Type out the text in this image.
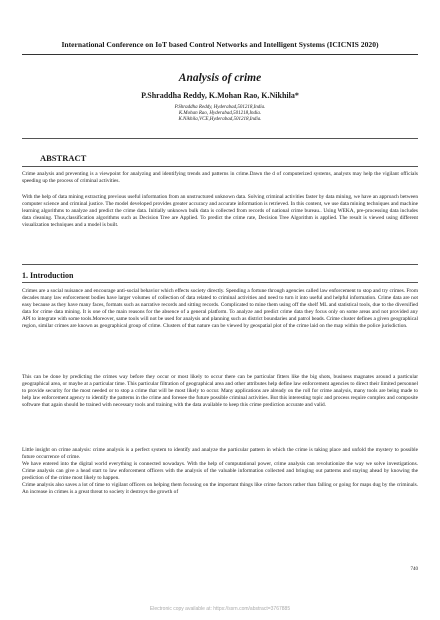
International Conference on IoT based Control Networks and Intelligent Systems (ICICNIS 2020)
Analysis of crime
P.Shraddha Reddy, K.Mohan Rao, K.Nikhila*
P.Shraddha Reddy, Hyderabad,501218,India.
K.Mohan Rao, Hyderabad,501218,India.
K.Nikhila,VCE,Hyderabad,501218,India.
ABSTRACT
Crime analysis and preventing is a viewpoint for analyzing and identifying trends and patterns in crime.Dawn the d of computerized systems, analysts may help the vigilant officials speeding up the process of criminal activities.
With the help of data mining extracting previous useful information from an unstructured unknown data. Solving criminal activities faster by data mining, we have an approach between computer science and criminal justice. The model developed provides greater accuracy and accurate information is retrieved. In this content, we use data mining techniques and machine learning algorithms to analyze and predict the crime data. Initially unknown bulk data is collected from records of national crime bureau.. Using WEKA, pre-processing data includes data cleaning. Thus,classification algorithms such as Decision Tree are Applied. To predict the crime rate, Decision Tree Algorithm is applied. The result is viewed using different visualization techniques and a model is built.
1. Introduction
Crimes are a social nuisance and encourage anti-social behavior which effects society directly. Spending a fortune through agencies called law enforcement to stop and try crimes. From decades many law enforcement bodies have larger volumes of collection of data related to criminal activities and need to turn it into useful and helpful information. Crime data are not easy because as they have many faces, formats such as narrative records and sitting records. Complicated to mine them using off the shelf ML and statistical tools, due to the diversified data for crime data mining. It is one of the main reasons for the absence of a general platform. To analyze and predict crime data they focus only on some areas and not provided any API to integrate with some tools.Moreover, same tools will not be used for analysis and planning such as district boundaries and patrol beads. Crime cluster defines a given geographical region, similar crimes are known as geographical group of crime. Clusters of that nature can be viewed by geospatial plot of the crime laid on the map within the police jurisdiction.
This can be done by predicting the crimes way before they occur or most likely to occur there can be particular fitters like the big shots, business magnates around a particular geographical area, or maybe at a particular time. This particular filtration of geographical area and other attributes help define law enforcement agencies to direct their limited personnel to provide security for the most needed or to stop a crime that will be most likely to occur. Many applications are already on the roll for crime analysis, many tools are being made to help law enforcement agency to identify the patterns in the crime and foresee the future possible criminal activities. But this interesting topic and process require complex and composite software that again should be trained with necessary tools and training with the data available to keep this crime prediction accurate and valid.
Little insight on crime analysis: crime analysis is a perfect system to identify and analyze the particular pattern in which the crime is taking place and unfold the mystery to possible future occurrence of crime.
We have entered into the digital world everything is connected nowadays. With the help of computational power, crime analysis can revolutionize the way we solve investigations. Crime analysis can give a head start to law enforcement officers with the analysis of the valuable information collected and bringing out patterns and staying ahead by knowing the prediction of the crime most likely to happen.
Crime analysis also saves a lot of time to vigilant officers on helping them focusing on the important things like crime factors rather than falling or going for maps dug by the criminals. An increase in crimes is a great threat to society it destroys the growth of
740
Electronic copy available at: https://ssrn.com/abstract=3767885
